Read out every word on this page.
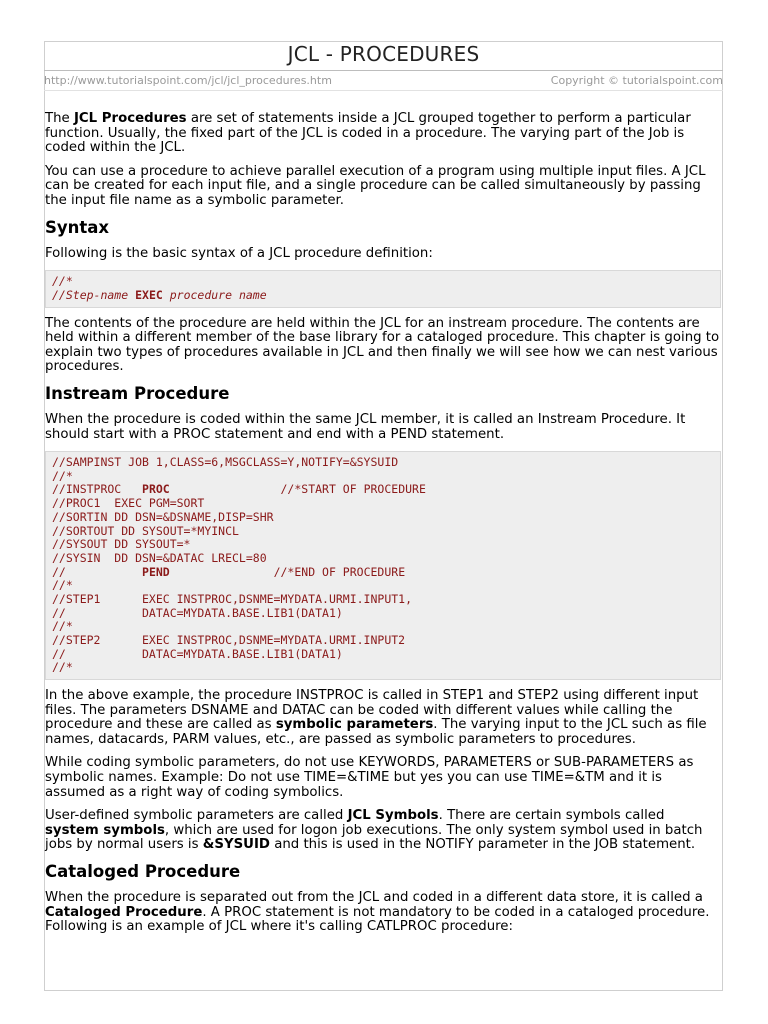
JCL - PROCEDURES
http://www.tutorialspoint.com/jcl/jcl_procedures.htm	Copyright © tutorialspoint.com

The JCL Procedures are set of statements inside a JCL grouped together to perform a particular function. Usually, the fixed part of the JCL is coded in a procedure. The varying part of the Job is coded within the JCL.

You can use a procedure to achieve parallel execution of a program using multiple input files. A JCL can be created for each input file, and a single procedure can be called simultaneously by passing the input file name as a symbolic parameter.

Syntax

Following is the basic syntax of a JCL procedure definition:

//*
//Step-name EXEC procedure name

The contents of the procedure are held within the JCL for an instream procedure. The contents are held within a different member of the base library for a cataloged procedure. This chapter is going to explain two types of procedures available in JCL and then finally we will see how we can nest various procedures.

Instream Procedure

When the procedure is coded within the same JCL member, it is called an Instream Procedure. It should start with a PROC statement and end with a PEND statement.

//SAMPINST JOB 1,CLASS=6,MSGCLASS=Y,NOTIFY=&SYSUID
//*
//INSTPROC   PROC                //*START OF PROCEDURE
//PROC1  EXEC PGM=SORT
//SORTIN DD DSN=&DSNAME,DISP=SHR
//SORTOUT DD SYSOUT=*MYINCL
//SYSOUT DD SYSOUT=*
//SYSIN  DD DSN=&DATAC LRECL=80
//           PEND               //*END OF PROCEDURE
//*
//STEP1      EXEC INSTPROC,DSNME=MYDATA.URMI.INPUT1,
//           DATAC=MYDATA.BASE.LIB1(DATA1)
//*
//STEP2      EXEC INSTPROC,DSNME=MYDATA.URMI.INPUT2
//           DATAC=MYDATA.BASE.LIB1(DATA1)
//*

In the above example, the procedure INSTPROC is called in STEP1 and STEP2 using different input files. The parameters DSNAME and DATAC can be coded with different values while calling the procedure and these are called as symbolic parameters. The varying input to the JCL such as file names, datacards, PARM values, etc., are passed as symbolic parameters to procedures.

While coding symbolic parameters, do not use KEYWORDS, PARAMETERS or SUB-PARAMETERS as symbolic names. Example: Do not use TIME=&TIME but yes you can use TIME=&TM and it is assumed as a right way of coding symbolics.

User-defined symbolic parameters are called JCL Symbols. There are certain symbols called system symbols, which are used for logon job executions. The only system symbol used in batch jobs by normal users is &SYSUID and this is used in the NOTIFY parameter in the JOB statement.

Cataloged Procedure

When the procedure is separated out from the JCL and coded in a different data store, it is called a Cataloged Procedure. A PROC statement is not mandatory to be coded in a cataloged procedure. Following is an example of JCL where it's calling CATLPROC procedure:
